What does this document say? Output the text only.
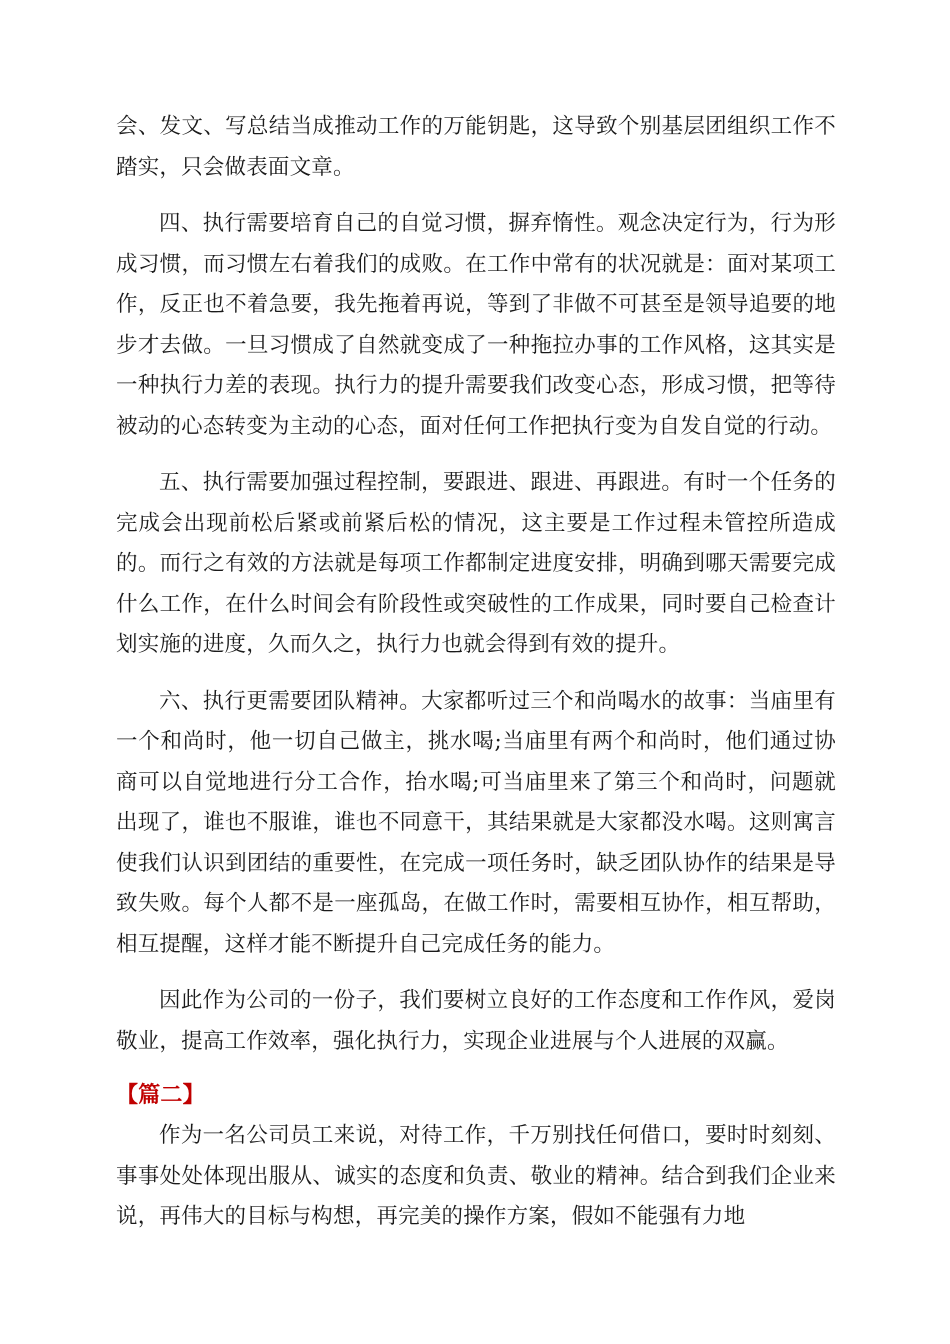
会、发文、写总结当成推动工作的万能钥匙，这导致个别基层团组织工作不踏实，只会做表面文章。

四、执行需要培育自己的自觉习惯，摒弃惰性。观念决定行为，行为形成习惯，而习惯左右着我们的成败。在工作中常有的状况就是：面对某项工作，反正也不着急要，我先拖着再说，等到了非做不可甚至是领导追要的地步才去做。一旦习惯成了自然就变成了一种拖拉办事的工作风格，这其实是一种执行力差的表现。执行力的提升需要我们改变心态，形成习惯，把等待被动的心态转变为主动的心态，面对任何工作把执行变为自发自觉的行动。

五、执行需要加强过程控制，要跟进、跟进、再跟进。有时一个任务的完成会出现前松后紧或前紧后松的情况，这主要是工作过程未管控所造成的。而行之有效的方法就是每项工作都制定进度安排，明确到哪天需要完成什么工作，在什么时间会有阶段性或突破性的工作成果，同时要自己检查计划实施的进度，久而久之，执行力也就会得到有效的提升。

六、执行更需要团队精神。大家都听过三个和尚喝水的故事：当庙里有一个和尚时，他一切自己做主，挑水喝;当庙里有两个和尚时，他们通过协商可以自觉地进行分工合作，抬水喝;可当庙里来了第三个和尚时，问题就出现了，谁也不服谁，谁也不同意干，其结果就是大家都没水喝。这则寓言使我们认识到团结的重要性，在完成一项任务时，缺乏团队协作的结果是导致失败。每个人都不是一座孤岛，在做工作时，需要相互协作，相互帮助，相互提醒，这样才能不断提升自己完成任务的能力。

因此作为公司的一份子，我们要树立良好的工作态度和工作作风，爱岗敬业，提高工作效率，强化执行力，实现企业进展与个人进展的双赢。

【篇二】

作为一名公司员工来说，对待工作，千万别找任何借口，要时时刻刻、事事处处体现出服从、诚实的态度和负责、敬业的精神。结合到我们企业来说，再伟大的目标与构想，再完美的操作方案，假如不能强有力地
